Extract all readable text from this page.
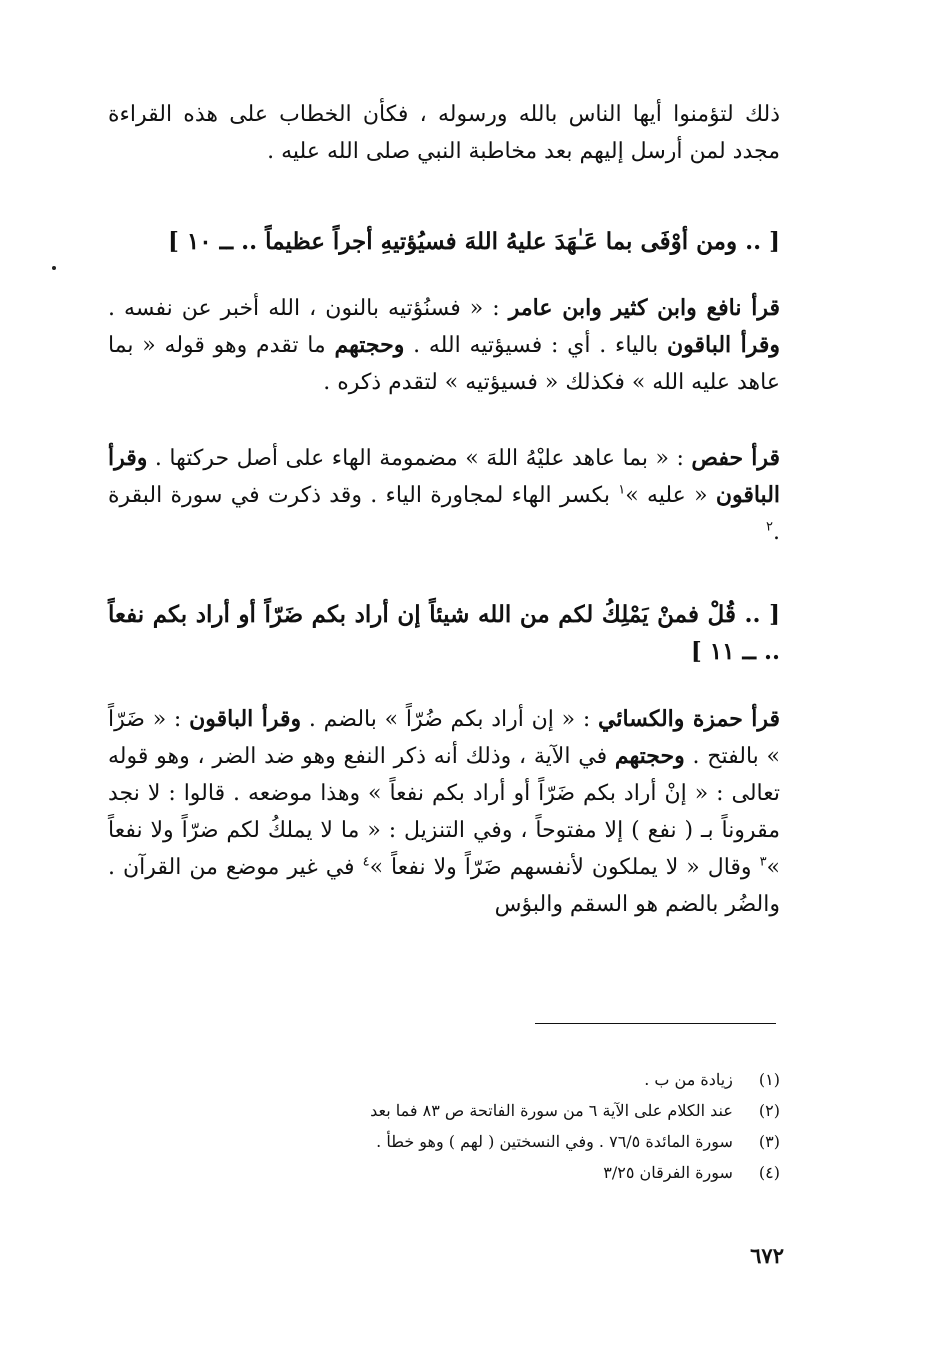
ذلك لتؤمنوا أيها الناس بالله ورسوله ، فكأن الخطاب على هذه القراءة مجدد لمن أرسل إليهم بعد مخاطبة النبي صلى الله عليه .

[ .. ومن أوْفَى بما عَـٰهَدَ عليهُ اللهَ فسيُؤتيهِ أجراً عظيماً .. ــ ١٠ ]

قرأ نافع وابن كثير وابن عامر : « فسنُؤتيه بالنون ، الله أخبر عن نفسه . وقرأ الباقون بالياء . أي : فسيؤتيه الله . وحجتهم ما تقدم وهو قوله « بما عاهد عليه الله » فكذلك « فسيؤتيه » لتقدم ذكره .

قرأ حفص : « بما عاهد عليْهُ اللهَ » مضمومة الهاء على أصل حركتها . وقرأ الباقون « عليه »$^١$ بكسر الهاء لمجاورة الياء . وقد ذكرت في سورة البقرة .$^٢$

[ .. قُلْ فمنْ يَمْلِكُ لكم من الله شيئاً إن أراد بكم ضَرّاً أو أراد بكم نفعاً .. ــ ١١ ]

قرأ حمزة والكسائي : « إن أراد بكم ضُرّاً » بالضم . وقرأ الباقون : « ضَرّاً » بالفتح . وحجتهم في الآية ، وذلك أنه ذكر النفع وهو ضد الضر ، وهو قوله تعالى : « إنْ أراد بكم ضَرّاً أو أراد بكم نفعاً » وهذا موضعه . قالوا : لا نجد مقروناً بـ ( نفع ) إلا مفتوحاً ، وفي التنزيل : « ما لا يملكُ لكم ضرّاً ولا نفعاً »$^٣$ وقال « لا يملكون لأنفسهم ضَرّاً ولا نفعاً »$^٤$ في غير موضع من القرآن . والضُر بالضم هو السقم والبؤس

(١) زيادة من ب .
(٢) عند الكلام على الآية ٦ من سورة الفاتحة ص ٨٣ فما بعد
(٣) سورة المائدة ٧٦/٥ . وفي النسختين ( لهم ) وهو خطأ .
(٤) سورة الفرقان ٣/٢٥
٦٧٢
